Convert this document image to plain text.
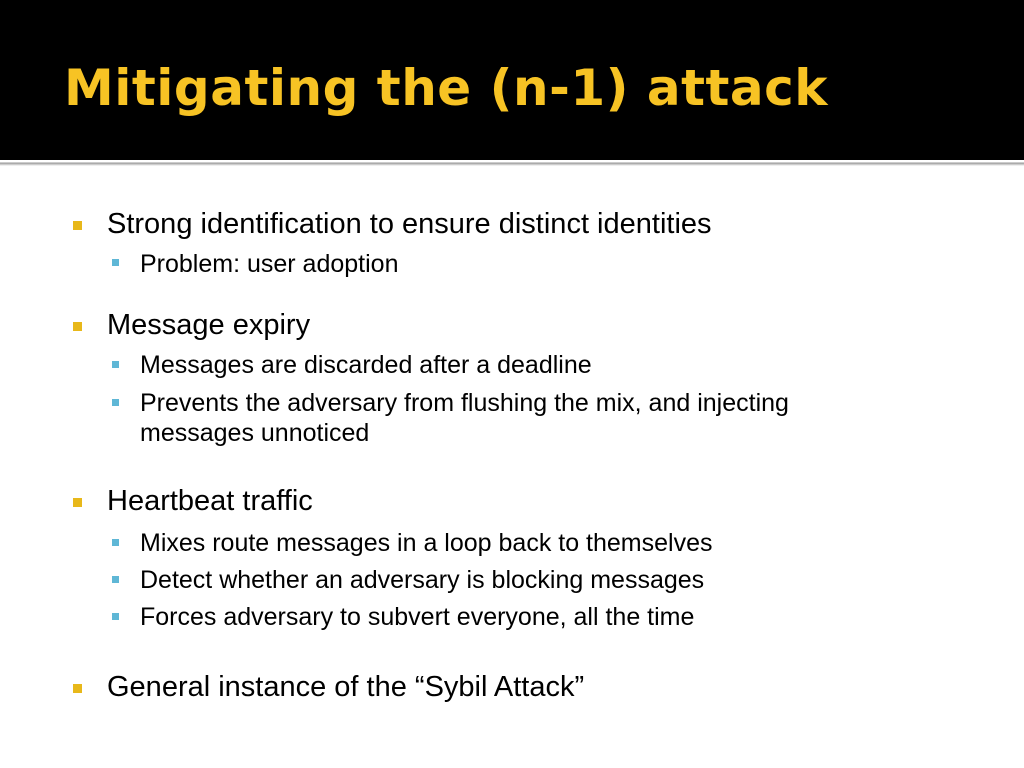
Mitigating the (n-1) attack
Strong identification to ensure distinct identities
Problem: user adoption
Message expiry
Messages are discarded after a deadline
Prevents the adversary from flushing the mix, and injecting
messages unnoticed
Heartbeat traffic
Mixes route messages in a loop back to themselves
Detect whether an adversary is blocking messages
Forces adversary to subvert everyone, all the time
General instance of the “Sybil Attack”
